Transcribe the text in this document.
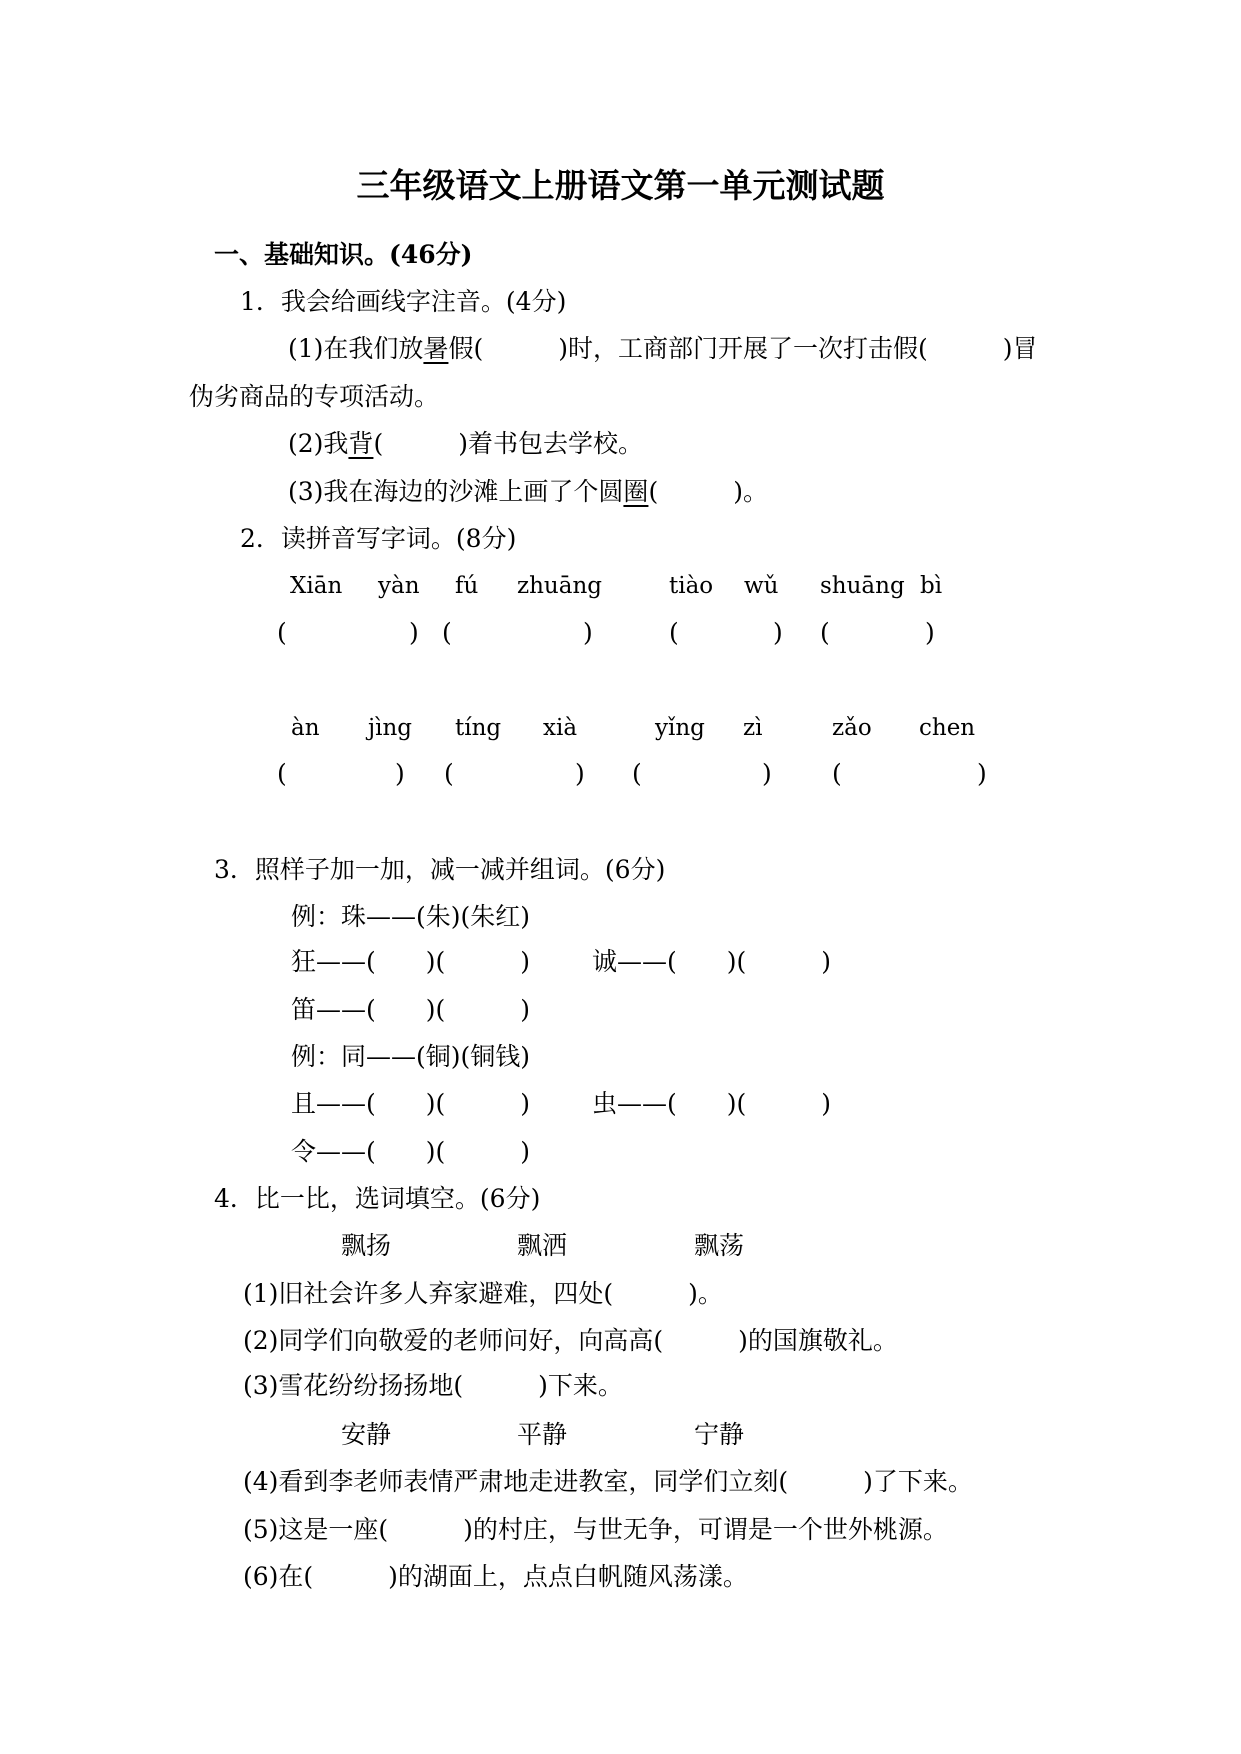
三年级语文上册语文第一单元测试题
一、基础知识。(46分)
1．我会给画线字注音。(4分)
(1)在我们放暑假(　　　)时，工商部门开展了一次打击假(　　　)冒
伪劣商品的专项活动。
(2)我背(　　　)着书包去学校。
(3)我在海边的沙滩上画了个圆圈(　　　)。
2．读拼音写字词。(8分)
Xiān yàn fú zhuāng	tiào wǔ shuāng bì
(	) (	)	(	) (	)
àn jìng tíng xià	yǐng zì	zǎo chen
(	) (	) (	) (	)
3．照样子加一加，减一减并组词。(6分)
例：珠——(朱)(朱红)
狂——(　　)(　　　) 诚——(　　)(　　　)
笛——(　　)(　　　)
例：同——(铜)(铜钱)
且——(　　)(　　　) 虫——(　　)(　　　)
令——(　　)(　　　)
4．比一比，选词填空。(6分)
飘扬	飘洒	飘荡
(1)旧社会许多人弃家避难，四处(　　　)。
(2)同学们向敬爱的老师问好，向高高(　　　)的国旗敬礼。
(3)雪花纷纷扬扬地(　　　)下来。
安静	平静	宁静
(4)看到李老师表情严肃地走进教室，同学们立刻(　　　)了下来。
(5)这是一座(　　　)的村庄，与世无争，可谓是一个世外桃源。
(6)在(　　　)的湖面上，点点白帆随风荡漾。
